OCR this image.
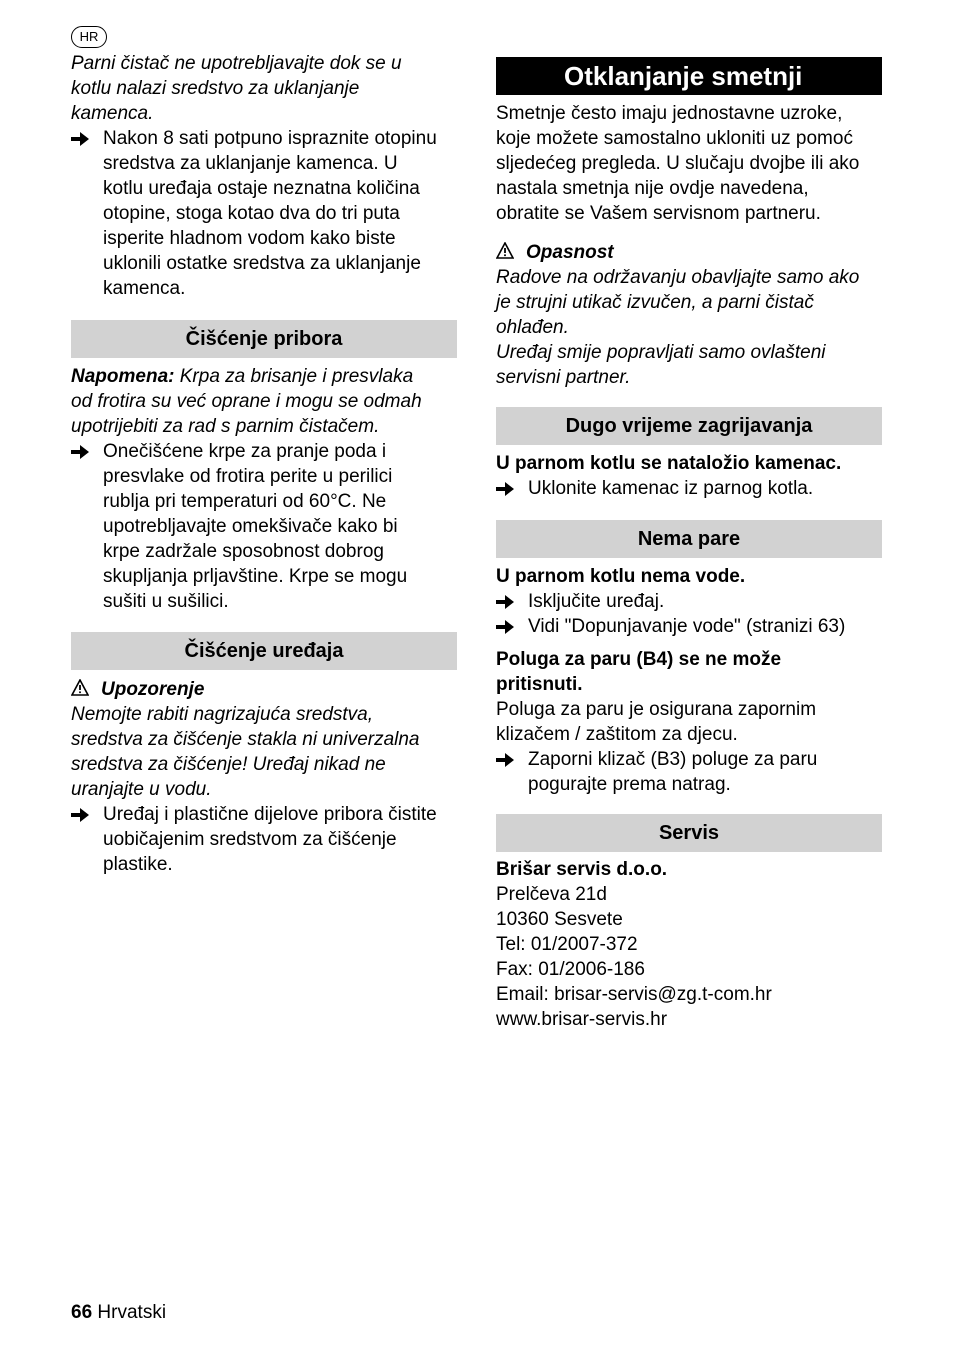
HR

Parni čistač ne upotrebljavajte dok se u

kotlu nalazi sredstvo za uklanjanje

kamenca.

Nakon 8 sati potpuno ispraznite otopinu

sredstva za uklanjanje kamenca. U

kotlu uređaja ostaje neznatna količina

otopine, stoga kotao dva do tri puta

isperite hladnom vodom kako biste

uklonili ostatke sredstva za uklanjanje

kamenca.

Čišćenje pribora

Napomena: Krpa za brisanje i presvlaka

od frotira su već oprane i mogu se odmah

upotrijebiti za rad s parnim čistačem.

Onečišćene krpe za pranje poda i

presvlake od frotira perite u perilici

rublja pri temperaturi od 60°C. Ne

upotrebljavajte omekšivače kako bi

krpe zadržale sposobnost dobrog

skupljanja prljavštine. Krpe se mogu

sušiti u sušilici.

Čišćenje uređaja

Upozorenje

Nemojte rabiti nagrizajuća sredstva,

sredstva za čišćenje stakla ni univerzalna

sredstva za čišćenje! Uređaj nikad ne

uranjajte u vodu.

Uređaj i plastične dijelove pribora čistite

uobičajenim sredstvom za čišćenje

plastike.

Otklanjanje smetnji

Smetnje često imaju jednostavne uzroke,

koje možete samostalno ukloniti uz pomoć

sljedećeg pregleda. U slučaju dvojbe ili ako

nastala smetnja nije ovdje navedena,

obratite se Vašem servisnom partneru.

Opasnost

Radove na održavanju obavljajte samo ako

je strujni utikač izvučen, a parni čistač

ohlađen.

Uređaj smije popravljati samo ovlašteni

servisni partner.

Dugo vrijeme zagrijavanja

U parnom kotlu se nataložio kamenac.

Uklonite kamenac iz parnog kotla.

Nema pare

U parnom kotlu nema vode.

Isključite uređaj.

Vidi "Dopunjavanje vode" (stranizi 63)

Poluga za paru (B4) se ne može

pritisnuti.

Poluga za paru je osigurana zapornim

klizačem / zaštitom za djecu.

Zaporni klizač (B3) poluge za paru

pogurajte prema natrag.

Servis

Brišar servis d.o.o.

Prelčeva 21d

10360 Sesvete

Tel: 01/2007-372

Fax: 01/2006-186

Email: brisar-servis@zg.t-com.hr

www.brisar-servis.hr

66 Hrvatski
